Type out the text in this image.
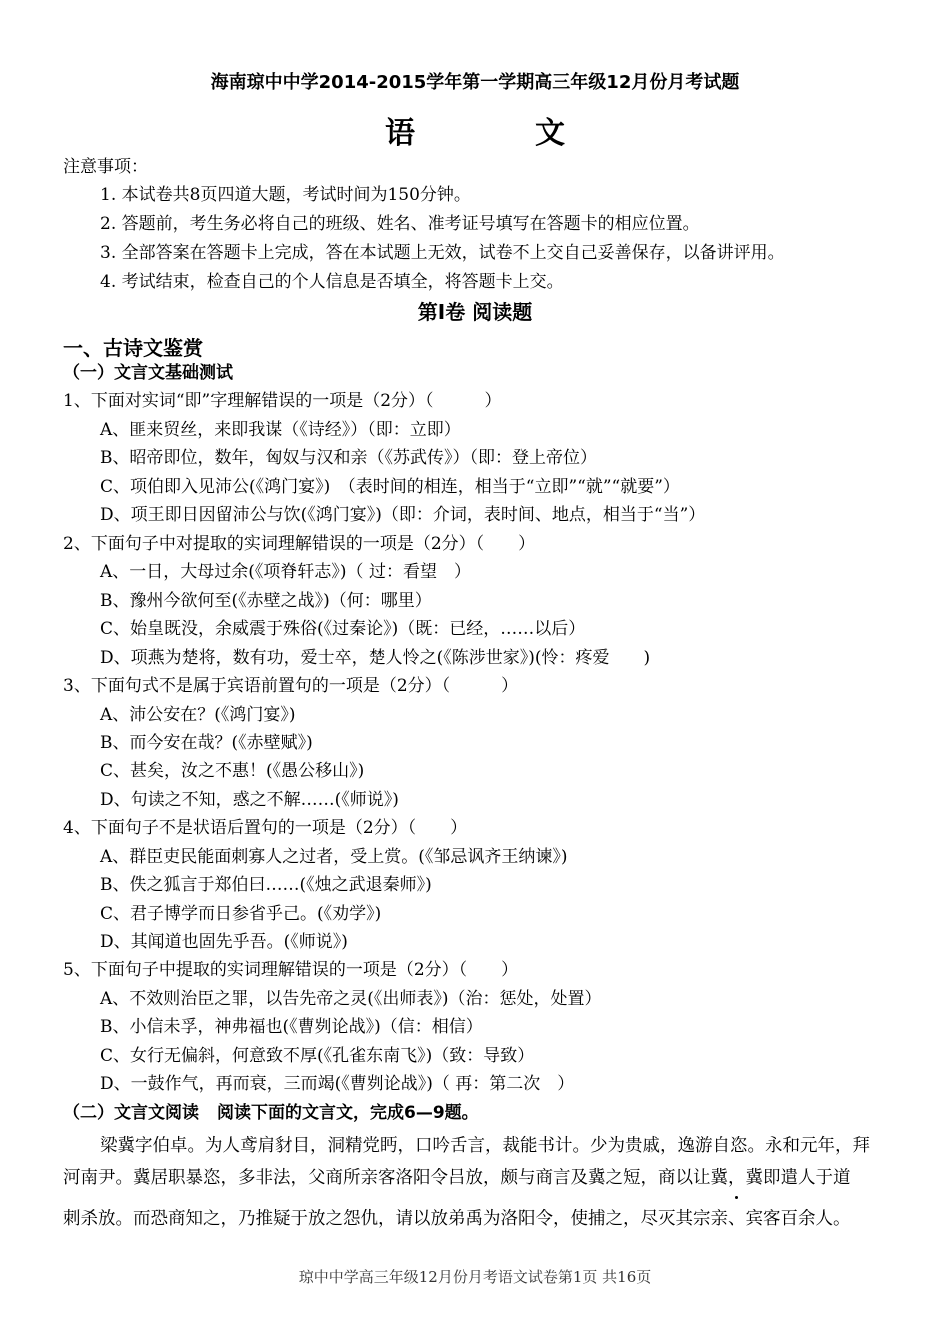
海南琼中中学2014-2015学年第一学期高三年级12月份月考试题
语	文
注意事项：
1. 本试卷共8页四道大题，考试时间为150分钟。
2. 答题前，考生务必将自己的班级、姓名、准考证号填写在答题卡的相应位置。
3. 全部答案在答题卡上完成，答在本试题上无效，试卷不上交自己妥善保存，以备讲评用。
4. 考试结束，检查自己的个人信息是否填全，将答题卡上交。
第Ⅰ卷 阅读题
一、古诗文鉴赏
（一）文言文基础测试
1、下面对实词“即”字理解错误的一项是（2分）（　　　）
A、匪来贸丝，来即我谋（《诗经》）（即：立即）
B、昭帝即位，数年，匈奴与汉和亲（《苏武传》）（即：登上帝位）
C、项伯即入见沛公(《鸿门宴》)　（表时间的相连，相当于“立即”“就”“就要”）
D、项王即日因留沛公与饮(《鸿门宴》)（即：介词，表时间、地点，相当于“当”）
2、下面句子中对提取的实词理解错误的一项是（2分）（　　）
A、一日，大母过余(《项脊轩志》)（ 过：看望　）
B、豫州今欲何至(《赤壁之战》)（何：哪里）
C、始皇既没，余威震于殊俗(《过秦论》)（既：已经，……以后）
D、项燕为楚将，数有功，爱士卒，楚人怜之(《陈涉世家》)(怜：疼爱　　)
3、下面句式不是属于宾语前置句的一项是（2分）（　　　）
A、沛公安在？(《鸿门宴》)
B、而今安在哉？(《赤壁赋》)
C、甚矣，汝之不惠！(《愚公移山》)
D、句读之不知，惑之不解……(《师说》)
4、下面句子不是状语后置句的一项是（2分）（　　）
A、群臣吏民能面刺寡人之过者，受上赏。(《邹忌讽齐王纳谏》)
B、佚之狐言于郑伯曰……(《烛之武退秦师》)
C、君子博学而日参省乎己。(《劝学》)
D、其闻道也固先乎吾。(《师说》)
5、下面句子中提取的实词理解错误的一项是（2分）（　　）
A、不效则治臣之罪，以告先帝之灵(《出师表》)（治：惩处，处置）
B、小信未孚，神弗福也(《曹刿论战》)（信：相信）
C、女行无偏斜，何意致不厚(《孔雀东南飞》)（致：导致）
D、一鼓作气，再而衰，三而竭(《曹刿论战》)（ 再：第二次　）
（二）文言文阅读 阅读下面的文言文，完成6—9题。
梁冀字伯卓。为人鸢肩豺目，洞精党眄，口吟舌言，裁能书计。少为贵戚，逸游自恣。永和元年，拜
河南尹。冀居职暴恣，多非法，父商所亲客洛阳令吕放，颇与商言及冀之短，商以让冀，冀即遣人于道
刺杀放。而恐商知之，乃推疑于放之怨仇，请以放弟禹为洛阳令，使捕之，尽灭其宗亲、宾客百余人。
琼中中学高三年级12月份月考语文试卷第1页 共16页
